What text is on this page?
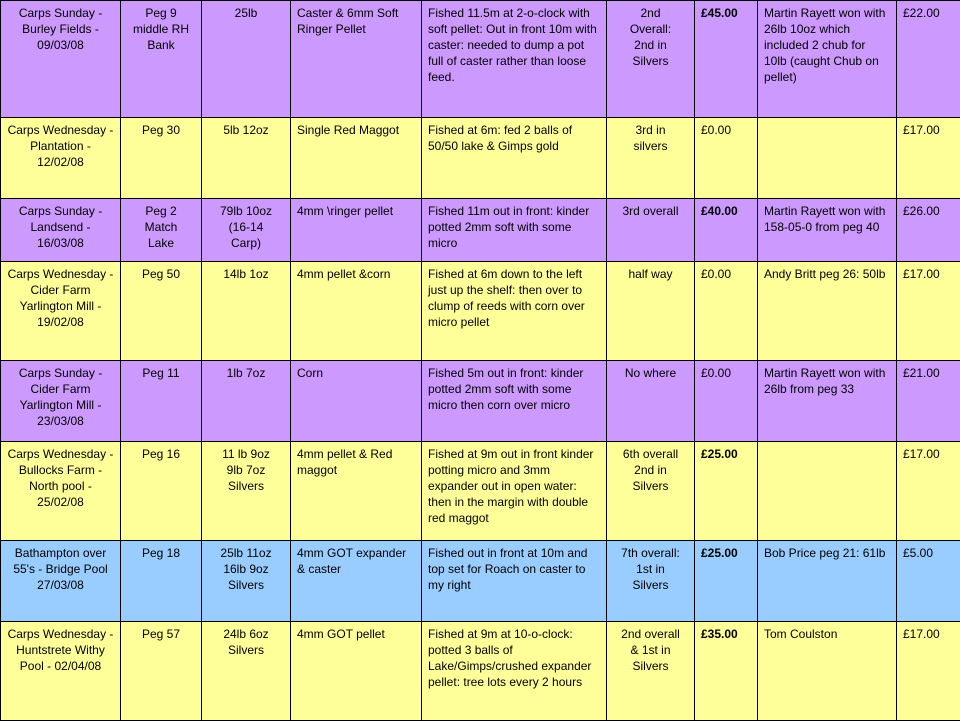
Carps Sunday - Burley Fields - 09/03/08	Peg 9
middle RH
Bank	25lb	Caster & 6mm Soft Ringer Pellet	Fished 11.5m at 2-o-clock with soft pellet: Out in front 10m with caster: needed to dump a pot full of caster rather than loose feed.	2nd
Overall:
2nd in
Silvers	£45.00	Martin Rayett won with 26lb 10oz which included 2 chub for 10lb (caught Chub on pellet)	£22.00
Carps Wednesday - Plantation - 12/02/08	Peg 30	5lb 12oz	Single Red Maggot	Fished at 6m: fed 2 balls of 50/50 lake & Gimps gold	3rd in
silvers	£0.00		£17.00
Carps Sunday - Landsend - 16/03/08	Peg 2
Match
Lake	79lb 10oz
(16-14
Carp)	4mm \ringer pellet	Fished 11m out in front: kinder potted 2mm soft with some micro	3rd overall	£40.00	Martin Rayett won with 158-05-0 from peg 40	£26.00
Carps Wednesday - Cider Farm Yarlington Mill - 19/02/08	Peg 50	14lb 1oz	4mm pellet &corn	Fished at 6m down to the left just up the shelf: then over to clump of reeds with corn over micro pellet	half way	£0.00	Andy Britt peg 26: 50lb	£17.00
Carps Sunday - Cider Farm Yarlington Mill - 23/03/08	Peg 11	1lb 7oz	Corn	Fished 5m out in front: kinder potted 2mm soft with some micro then corn over micro	No where	£0.00	Martin Rayett won with 26lb from peg 33	£21.00
Carps Wednesday - Bullocks Farm - North pool - 25/02/08	Peg 16	11 lb 9oz
9lb 7oz
Silvers	4mm pellet & Red maggot	Fished at 9m out in front kinder potting micro and 3mm expander out in open water: then in the margin with double red maggot	6th overall
2nd in
Silvers	£25.00		£17.00
Bathampton over 55's - Bridge Pool 27/03/08	Peg 18	25lb 11oz
16lb 9oz
Silvers	4mm GOT expander & caster	Fished out in front at 10m and top set for Roach on caster to my right	7th overall:
1st in
Silvers	£25.00	Bob Price peg 21: 61lb	£5.00
Carps Wednesday - Huntstrete Withy Pool - 02/04/08	Peg 57	24lb 6oz
Silvers	4mm GOT pellet	Fished at 9m at 10-o-clock: potted 3 balls of Lake/Gimps/crushed expander pellet: tree lots every 2 hours	2nd overall
& 1st in
Silvers	£35.00	Tom Coulston	£17.00
